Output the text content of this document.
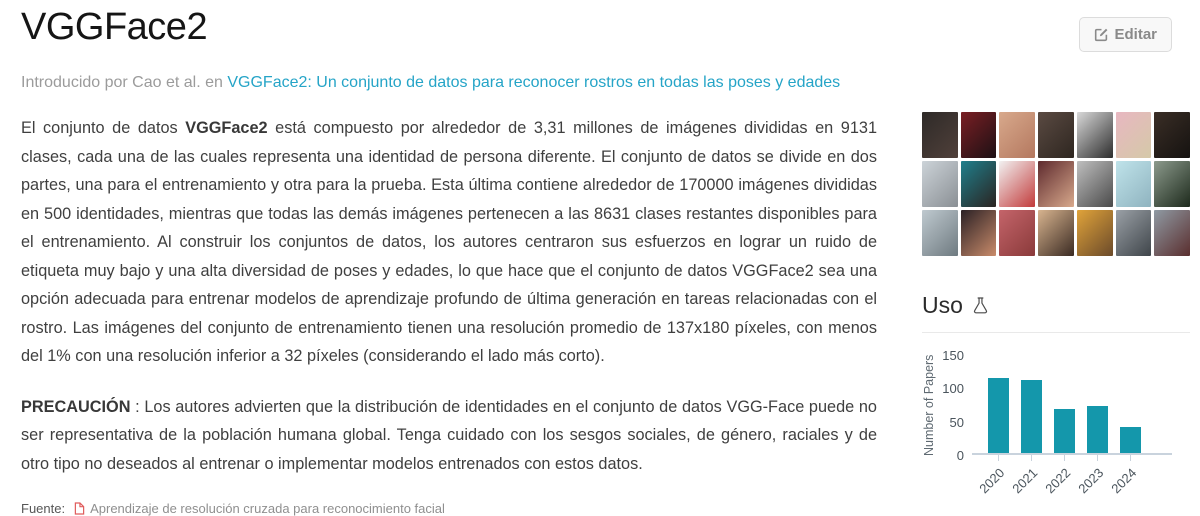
VGGFace2
Introducido por Cao et al. en VGGFace2: Un conjunto de datos para reconocer rostros en todas las poses y edades

El conjunto de datos VGGFace2 está compuesto por alrededor de 3,31 millones de imágenes divididas en 9131 clases, cada una de las cuales representa una identidad de persona diferente. El conjunto de datos se divide en dos partes, una para el entrenamiento y otra para la prueba. Esta última contiene alrededor de 170000 imágenes divididas en 500 identidades, mientras que todas las demás imágenes pertenecen a las 8631 clases restantes disponibles para el entrenamiento. Al construir los conjuntos de datos, los autores centraron sus esfuerzos en lograr un ruido de etiqueta muy bajo y una alta diversidad de poses y edades, lo que hace que el conjunto de datos VGGFace2 sea una opción adecuada para entrenar modelos de aprendizaje profundo de última generación en tareas relacionadas con el rostro. Las imágenes del conjunto de entrenamiento tienen una resolución promedio de 137x180 píxeles, con menos del 1% con una resolución inferior a 32 píxeles (considerando el lado más corto).

PRECAUCIÓN : Los autores advierten que la distribución de identidades en el conjunto de datos VGG-Face puede no ser representativa de la población humana global. Tenga cuidado con los sesgos sociales, de género, raciales y de otro tipo no deseados al entrenar o implementar modelos entrenados con estos datos.

Fuente: Aprendizaje de resolución cruzada para reconocimiento facial
Editar
Uso
Number of Papers 150
100
50
0
2020 2021 2022 2023 2024
